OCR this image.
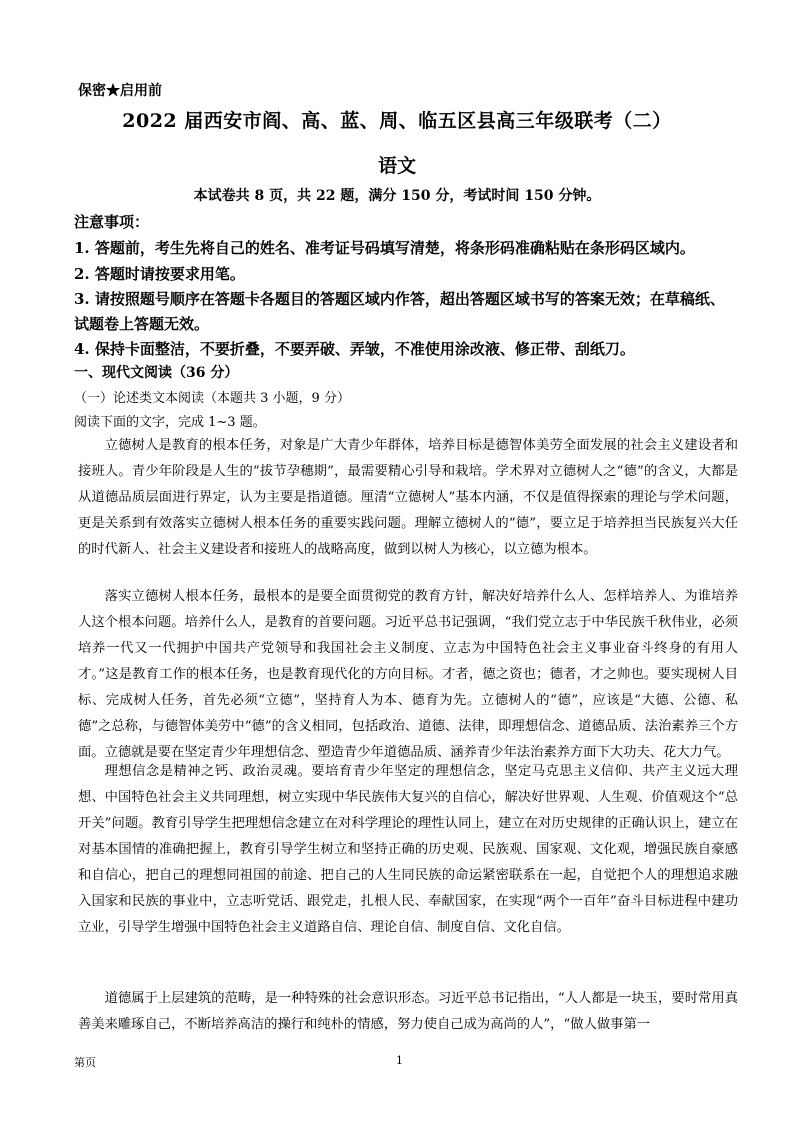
保密★启用前
2022 届西安市阎、高、蓝、周、临五区县高三年级联考（二）
语文
本试卷共 8 页，共 22 题，满分 150 分，考试时间 150 分钟。
注意事项：
1. 答题前，考生先将自己的姓名、准考证号码填写清楚，将条形码准确粘贴在条形码区域内。
2. 答题时请按要求用笔。
3. 请按照题号顺序在答题卡各题目的答题区域内作答，超出答题区域书写的答案无效；在草稿纸、试题卷上答题无效。
4. 保持卡面整洁，不要折叠，不要弄破、弄皱，不准使用涂改液、修正带、刮纸刀。
一、现代文阅读（36 分）
（一）论述类文本阅读（本题共 3 小题，9 分）
阅读下面的文字，完成 1~3 题。

立德树人是教育的根本任务，对象是广大青少年群体，培养目标是德智体美劳全面发展的社会主义建设者和接班人。青少年阶段是人生的“拔节孕穗期”，最需要精心引导和栽培。学术界对立德树人之“德”的含义，大都是从道德品质层面进行界定，认为主要是指道德。厘清“立德树人”基本内涵，不仅是值得探索的理论与学术问题，更是关系到有效落实立德树人根本任务的重要实践问题。理解立德树人的“德”，要立足于培养担当民族复兴大任的时代新人、社会主义建设者和接班人的战略高度，做到以树人为核心，以立德为根本。

落实立德树人根本任务，最根本的是要全面贯彻党的教育方针，解决好培养什么人、怎样培养人、为谁培养人这个根本问题。培养什么人，是教育的首要问题。习近平总书记强调，“我们党立志于中华民族千秋伟业，必须培养一代又一代拥护中国共产党领导和我国社会主义制度、立志为中国特色社会主义事业奋斗终身的有用人才。”这是教育工作的根本任务，也是教育现代化的方向目标。才者，德之资也；德者，才之帅也。要实现树人目标、完成树人任务，首先必须“立德”，坚持育人为本、德育为先。立德树人的“德”，应该是“大德、公德、私德”之总称，与德智体美劳中“德”的含义相同，包括政治、道德、法律，即理想信念、道德品质、法治素养三个方面。立德就是要在坚定青少年理想信念、塑造青少年道德品质、涵养青少年法治素养方面下大功夫、花大力气。

理想信念是精神之钙、政治灵魂。要培育青少年坚定的理想信念，坚定马克思主义信仰、共产主义远大理想、中国特色社会主义共同理想，树立实现中华民族伟大复兴的自信心，解决好世界观、人生观、价值观这个“总开关”问题。教育引导学生把理想信念建立在对科学理论的理性认同上，建立在对历史规律的正确认识上，建立在对基本国情的准确把握上，教育引导学生树立和坚持正确的历史观、民族观、国家观、文化观，增强民族自豪感和自信心，把自己的理想同祖国的前途、把自己的人生同民族的命运紧密联系在一起，自觉把个人的理想追求融入国家和民族的事业中，立志听党话、跟党走，扎根人民、奉献国家，在实现“两个一百年”奋斗目标进程中建功立业，引导学生增强中国特色社会主义道路自信、理论自信、制度自信、文化自信。

道德属于上层建筑的范畴，是一种特殊的社会意识形态。习近平总书记指出，“人人都是一块玉，要时常用真善美来雕琢自己，不断培养高洁的操行和纯朴的情感，努力使自己成为高尚的人”，“做人做事第一

第页	1
